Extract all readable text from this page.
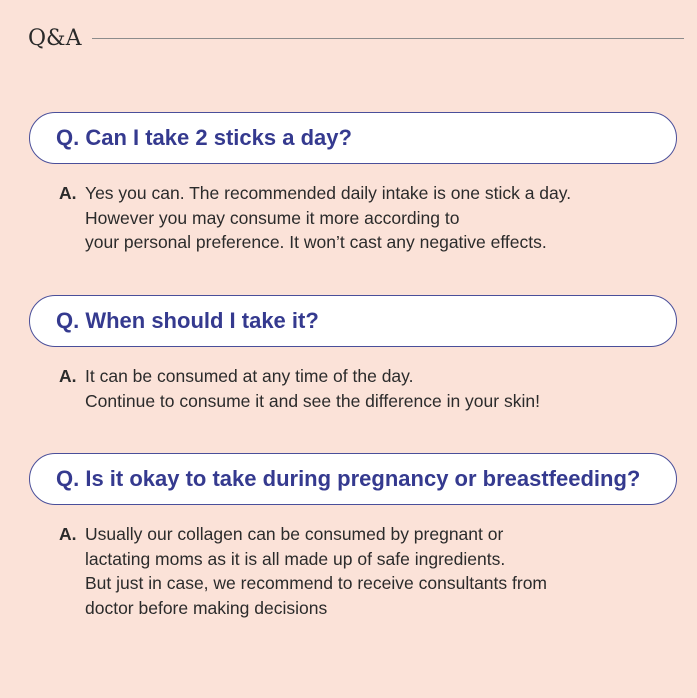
Q&A
Q. Can I take 2 sticks a day?
A. Yes you can. The recommended daily intake is one stick a day.
However you may consume it more according to
your personal preference. It won’t cast any negative effects.
Q. When should I take it?
A. It can be consumed at any time of the day.
Continue to consume it and see the difference in your skin!
Q. Is it okay to take during pregnancy or breastfeeding?
A. Usually our collagen can be consumed by pregnant or
lactating moms as it is all made up of safe ingredients.
But just in case, we recommend to receive consultants from
doctor before making decisions
